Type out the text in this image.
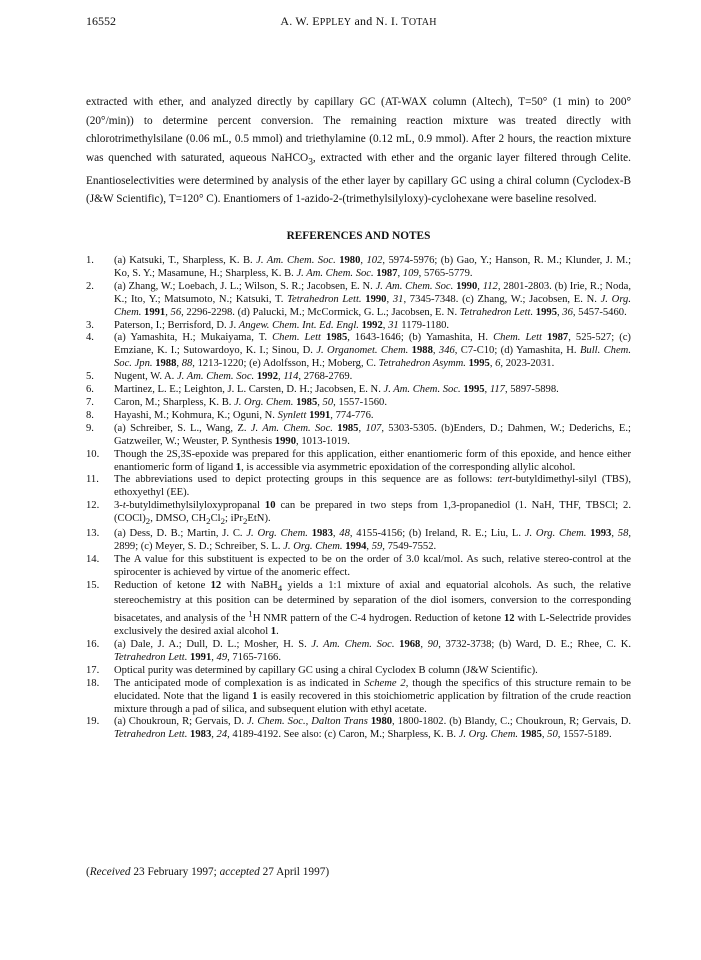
16552	A. W. EPPLEY and N. I. TOTAH
extracted with ether, and analyzed directly by capillary GC (AT-WAX column (Altech), T=50° (1 min) to 200° (20°/min)) to determine percent conversion. The remaining reaction mixture was treated directly with chlorotrimethylsilane (0.06 mL, 0.5 mmol) and triethylamine (0.12 mL, 0.9 mmol). After 2 hours, the reaction mixture was quenched with saturated, aqueous NaHCO$_3$, extracted with ether and the organic layer filtered through Celite. Enantioselectivities were determined by analysis of the ether layer by capillary GC using a chiral column (Cyclodex-B (J&W Scientific), T=120° C). Enantiomers of 1-azido-2-(trimethylsilyloxy)-cyclohexane were baseline resolved.
REFERENCES AND NOTES
1.	(a) Katsuki, T., Sharpless, K. B. J. Am. Chem. Soc. 1980, 102, 5974-5976; (b) Gao, Y.; Hanson, R. M.; Klunder, J. M.; Ko, S. Y.; Masamune, H.; Sharpless, K. B. J. Am. Chem. Soc. 1987, 109, 5765-5779.
2.	(a) Zhang, W.; Loebach, J. L.; Wilson, S. R.; Jacobsen, E. N. J. Am. Chem. Soc. 1990, 112, 2801-2803. (b) Irie, R.; Noda, K.; Ito, Y.; Matsumoto, N.; Katsuki, T. Tetrahedron Lett. 1990, 31, 7345-7348. (c) Zhang, W.; Jacobsen, E. N. J. Org. Chem. 1991, 56, 2296-2298. (d) Palucki, M.; McCormick, G. L.; Jacobsen, E. N. Tetrahedron Lett. 1995, 36, 5457-5460.
3.	Paterson, I.; Berrisford, D. J. Angew. Chem. Int. Ed. Engl. 1992, 31 1179-1180.
4.	(a) Yamashita, H.; Mukaiyama, T. Chem. Lett 1985, 1643-1646; (b) Yamashita, H. Chem. Lett 1987, 525-527; (c) Emziane, K. I.; Sutowardoyo, K. I.; Sinou, D. J. Organomet. Chem. 1988, 346, C7-C10; (d) Yamashita, H. Bull. Chem. Soc. Jpn. 1988, 88, 1213-1220; (e) Adolfsson, H.; Moberg, C. Tetrahedron Asymm. 1995, 6, 2023-2031.
5.	Nugent, W. A. J. Am. Chem. Soc. 1992, 114, 2768-2769.
6.	Martinez, L. E.; Leighton, J. L. Carsten, D. H.; Jacobsen, E. N. J. Am. Chem. Soc. 1995, 117, 5897-5898.
7.	Caron, M.; Sharpless, K. B. J. Org. Chem. 1985, 50, 1557-1560.
8.	Hayashi, M.; Kohmura, K.; Oguni, N. Synlett 1991, 774-776.
9.	(a) Schreiber, S. L., Wang, Z. J. Am. Chem. Soc. 1985, 107, 5303-5305. (b)Enders, D.; Dahmen, W.; Dederichs, E.; Gatzweiler, W.; Weuster, P. Synthesis 1990, 1013-1019.
10.	Though the 2S,3S-epoxide was prepared for this application, either enantiomeric form of this epoxide, and hence either enantiomeric form of ligand 1, is accessible via asymmetric epoxidation of the corresponding allylic alcohol.
11.	The abbreviations used to depict protecting groups in this sequence are as follows: tert-butyldimethyl-silyl (TBS), ethoxyethyl (EE).
12.	3-t-butyldimethylsilyloxypropanal 10 can be prepared in two steps from 1,3-propanediol (1. NaH, THF, TBSCl; 2. $(COCl)_2$, DMSO, $CH_2Cl_2$; iPr$_2$EtN).
13.	(a) Dess, D. B.; Martin, J. C. J. Org. Chem. 1983, 48, 4155-4156; (b) Ireland, R. E.; Liu, L. J. Org. Chem. 1993, 58, 2899; (c) Meyer, S. D.; Schreiber, S. L. J. Org. Chem. 1994, 59, 7549-7552.
14.	The A value for this substituent is expected to be on the order of 3.0 kcal/mol. As such, relative stereo-control at the spirocenter is achieved by virtue of the anomeric effect.
15.	Reduction of ketone 12 with NaBH$_4$ yields a 1:1 mixture of axial and equatorial alcohols. As such, the relative stereochemistry at this position can be determined by separation of the diol isomers, conversion to the corresponding bisacetates, and analysis of the $^1$H NMR pattern of the C-4 hydrogen. Reduction of ketone 12 with L-Selectride provides exclusively the desired axial alcohol 1.
16.	(a) Dale, J. A.; Dull, D. L.; Mosher, H. S. J. Am. Chem. Soc. 1968, 90, 3732-3738; (b) Ward, D. E.; Rhee, C. K. Tetrahedron Lett. 1991, 49, 7165-7166.
17.	Optical purity was determined by capillary GC using a chiral Cyclodex B column (J&W Scientific).
18.	The anticipated mode of complexation is as indicated in Scheme 2, though the specifics of this structure remain to be elucidated. Note that the ligand 1 is easily recovered in this stoichiometric application by filtration of the crude reaction mixture through a pad of silica, and subsequent elution with ethyl acetate.
19.	(a) Choukroun, R; Gervais, D. J. Chem. Soc., Dalton Trans 1980, 1800-1802. (b) Blandy, C.; Choukroun, R; Gervais, D. Tetrahedron Lett. 1983, 24, 4189-4192. See also: (c) Caron, M.; Sharpless, K. B. J. Org. Chem. 1985, 50, 1557-5189.
(Received 23 February 1997; accepted 27 April 1997)
